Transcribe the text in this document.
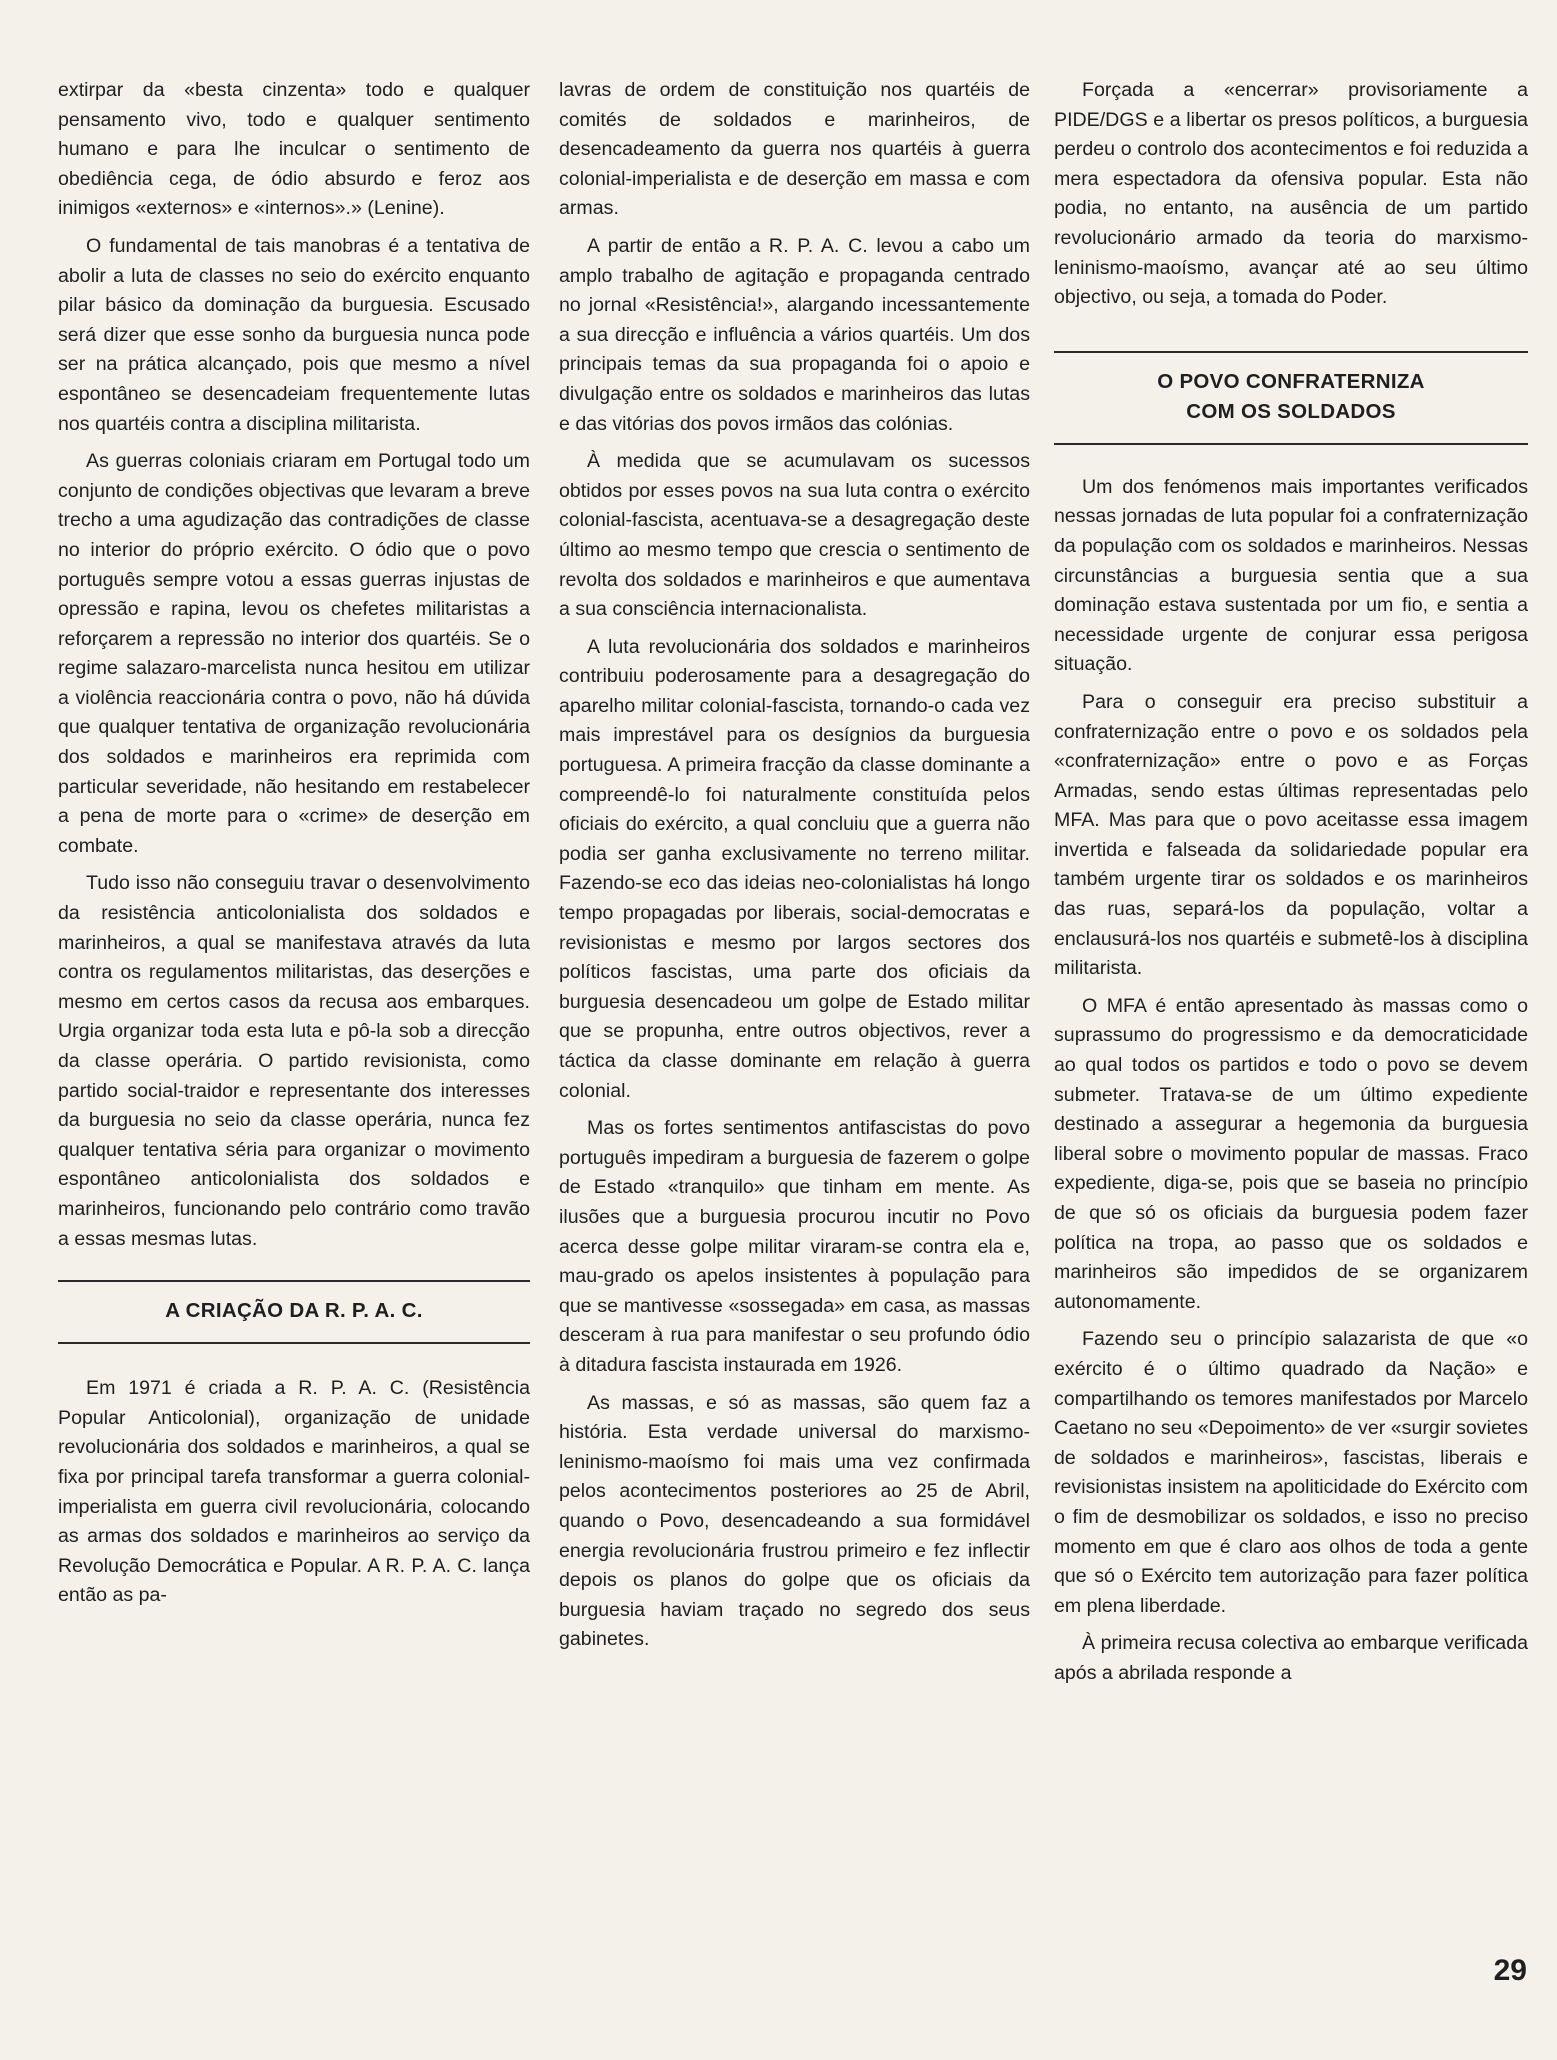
extirpar da «besta cinzenta» todo e qualquer pensamento vivo, todo e qualquer sentimento humano e para lhe inculcar o sentimento de obediência cega, de ódio absurdo e feroz aos inimigos «externos» e «internos».» (Lenine).

O fundamental de tais manobras é a tentativa de abolir a luta de classes no seio do exército enquanto pilar básico da dominação da burguesia. Escusado será dizer que esse sonho da burguesia nunca pode ser na prática alcançado, pois que mesmo a nível espontâneo se desencadeiam frequentemente lutas nos quartéis contra a disciplina militarista.

As guerras coloniais criaram em Portugal todo um conjunto de condições objectivas que levaram a breve trecho a uma agudização das contradições de classe no interior do próprio exército. O ódio que o povo português sempre votou a essas guerras injustas de opressão e rapina, levou os chefetes militaristas a reforçarem a repressão no interior dos quartéis. Se o regime salazaro-marcelista nunca hesitou em utilizar a violência reaccionária contra o povo, não há dúvida que qualquer tentativa de organização revolucionária dos soldados e marinheiros era reprimida com particular severidade, não hesitando em restabelecer a pena de morte para o «crime» de deserção em combate.

Tudo isso não conseguiu travar o desenvolvimento da resistência anticolonialista dos soldados e marinheiros, a qual se manifestava através da luta contra os regulamentos militaristas, das deserções e mesmo em certos casos da recusa aos embarques. Urgia organizar toda esta luta e pô-la sob a direcção da classe operária. O partido revisionista, como partido social-traidor e representante dos interesses da burguesia no seio da classe operária, nunca fez qualquer tentativa séria para organizar o movimento espontâneo anticolonialista dos soldados e marinheiros, funcionando pelo contrário como travão a essas mesmas lutas.

A CRIAÇÃO DA R. P. A. C.

Em 1971 é criada a R. P. A. C. (Resistência Popular Anticolonial), organização de unidade revolucionária dos soldados e marinheiros, a qual se fixa por principal tarefa transformar a guerra colonial-imperialista em guerra civil revolucionária, colocando as armas dos soldados e marinheiros ao serviço da Revolução Democrática e Popular. A R. P. A. C. lança então as pa-

lavras de ordem de constituição nos quartéis de comités de soldados e marinheiros, de desencadeamento da guerra nos quartéis à guerra colonial-imperialista e de deserção em massa e com armas.

A partir de então a R. P. A. C. levou a cabo um amplo trabalho de agitação e propaganda centrado no jornal «Resistência!», alargando incessantemente a sua direcção e influência a vários quartéis. Um dos principais temas da sua propaganda foi o apoio e divulgação entre os soldados e marinheiros das lutas e das vitórias dos povos irmãos das colónias.

À medida que se acumulavam os sucessos obtidos por esses povos na sua luta contra o exército colonial-fascista, acentuava-se a desagregação deste último ao mesmo tempo que crescia o sentimento de revolta dos soldados e marinheiros e que aumentava a sua consciência internacionalista.

A luta revolucionária dos soldados e marinheiros contribuiu poderosamente para a desagregação do aparelho militar colonial-fascista, tornando-o cada vez mais imprestável para os desígnios da burguesia portuguesa. A primeira fracção da classe dominante a compreendê-lo foi naturalmente constituída pelos oficiais do exército, a qual concluiu que a guerra não podia ser ganha exclusivamente no terreno militar. Fazendo-se eco das ideias neo-colonialistas há longo tempo propagadas por liberais, social-democratas e revisionistas e mesmo por largos sectores dos políticos fascistas, uma parte dos oficiais da burguesia desencadeou um golpe de Estado militar que se propunha, entre outros objectivos, rever a táctica da classe dominante em relação à guerra colonial.

Mas os fortes sentimentos antifascistas do povo português impediram a burguesia de fazerem o golpe de Estado «tranquilo» que tinham em mente. As ilusões que a burguesia procurou incutir no Povo acerca desse golpe militar viraram-se contra ela e, mau-grado os apelos insistentes à população para que se mantivesse «sossegada» em casa, as massas desceram à rua para manifestar o seu profundo ódio à ditadura fascista instaurada em 1926.

As massas, e só as massas, são quem faz a história. Esta verdade universal do marxismo-leninismo-maoísmo foi mais uma vez confirmada pelos acontecimentos posteriores ao 25 de Abril, quando o Povo, desencadeando a sua formidável energia revolucionária frustrou primeiro e fez inflectir depois os planos do golpe que os oficiais da burguesia haviam traçado no segredo dos seus gabinetes.

Forçada a «encerrar» provisoriamente a PIDE/DGS e a libertar os presos políticos, a burguesia perdeu o controlo dos acontecimentos e foi reduzida a mera espectadora da ofensiva popular. Esta não podia, no entanto, na ausência de um partido revolucionário armado da teoria do marxismo-leninismo-maoísmo, avançar até ao seu último objectivo, ou seja, a tomada do Poder.

O POVO CONFRATERNIZA
COM OS SOLDADOS

Um dos fenómenos mais importantes verificados nessas jornadas de luta popular foi a confraternização da população com os soldados e marinheiros. Nessas circunstâncias a burguesia sentia que a sua dominação estava sustentada por um fio, e sentia a necessidade urgente de conjurar essa perigosa situação.

Para o conseguir era preciso substituir a confraternização entre o povo e os soldados pela «confraternização» entre o povo e as Forças Armadas, sendo estas últimas representadas pelo MFA. Mas para que o povo aceitasse essa imagem invertida e falseada da solidariedade popular era também urgente tirar os soldados e os marinheiros das ruas, separá-los da população, voltar a enclausurá-los nos quartéis e submetê-los à disciplina militarista.

O MFA é então apresentado às massas como o suprassumo do progressismo e da democraticidade ao qual todos os partidos e todo o povo se devem submeter. Tratava-se de um último expediente destinado a assegurar a hegemonia da burguesia liberal sobre o movimento popular de massas. Fraco expediente, diga-se, pois que se baseia no princípio de que só os oficiais da burguesia podem fazer política na tropa, ao passo que os soldados e marinheiros são impedidos de se organizarem autonomamente.

Fazendo seu o princípio salazarista de que «o exército é o último quadrado da Nação» e compartilhando os temores manifestados por Marcelo Caetano no seu «Depoimento» de ver «surgir sovietes de soldados e marinheiros», fascistas, liberais e revisionistas insistem na apoliticidade do Exército com o fim de desmobilizar os soldados, e isso no preciso momento em que é claro aos olhos de toda a gente que só o Exército tem autorização para fazer política em plena liberdade.

À primeira recusa colectiva ao embarque verificada após a abrilada responde a

29
